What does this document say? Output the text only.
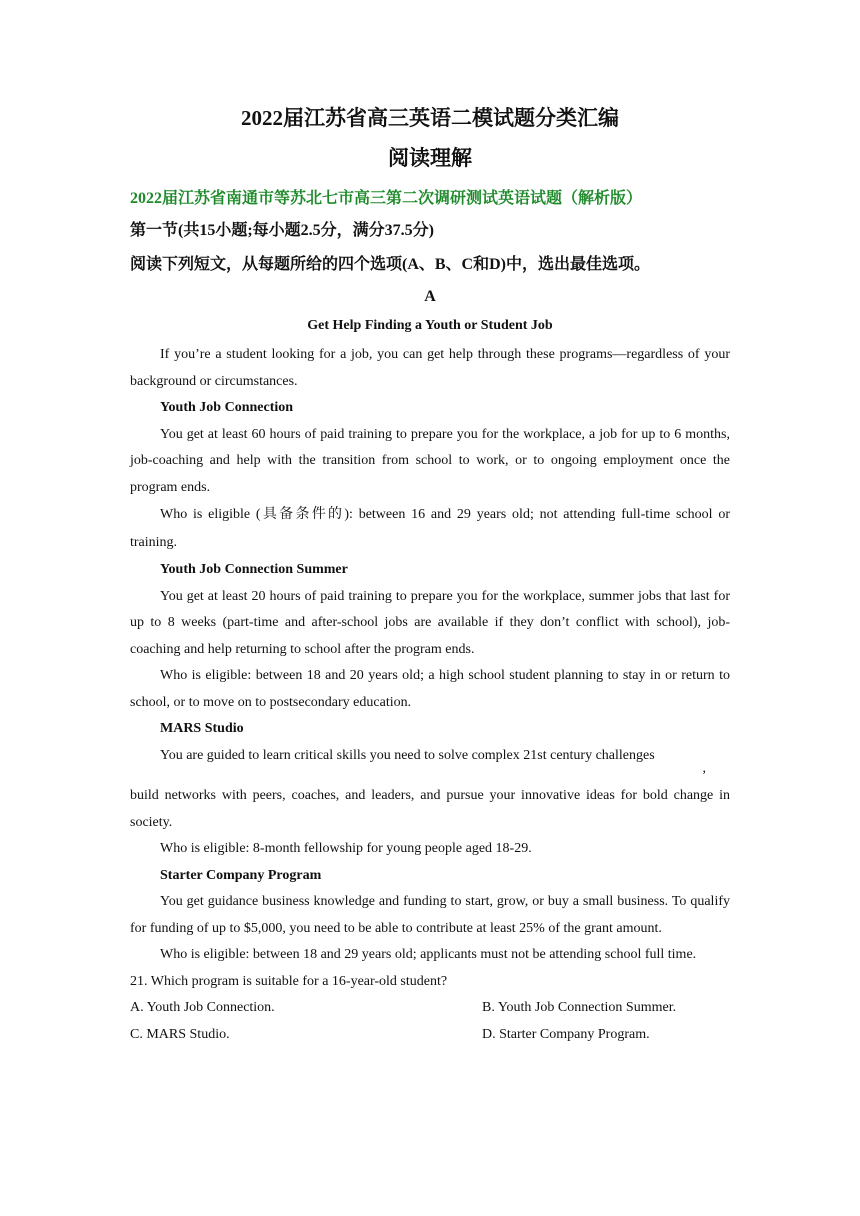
2022届江苏省高三英语二模试题分类汇编
阅读理解

2022届江苏省南通市等苏北七市高三第二次调研测试英语试题（解析版）

第一节(共15小题;每小题2.5分，满分37.5分)

阅读下列短文，从每题所给的四个选项(A、B、C和D)中，选出最佳选项。

A

Get Help Finding a Youth or Student Job

If you’re a student looking for a job, you can get help through these programs—regardless of your background or circumstances.

Youth Job Connection

You get at least 60 hours of paid training to prepare you for the workplace, a job for up to 6 months, job-coaching and help with the transition from school to work, or to ongoing employment once the program ends.

Who is eligible (具备条件的): between 16 and 29 years old; not attending full-time school or training.

Youth Job Connection Summer

You get at least 20 hours of paid training to prepare you for the workplace, summer jobs that last for up to 8 weeks (part-time and after-school jobs are available if they don’t conflict with school), job-coaching and help returning to school after the program ends.

Who is eligible: between 18 and 20 years old; a high school student planning to stay in or return to school, or to move on to postsecondary education.

MARS Studio

You are guided to learn critical skills you need to solve complex 21st century challenges

,

build networks with peers, coaches, and leaders, and pursue your innovative ideas for bold change in society.

Who is eligible: 8-month fellowship for young people aged 18-29.

Starter Company Program

You get guidance business knowledge and funding to start, grow, or buy a small business. To qualify for funding of up to $5,000, you need to be able to contribute at least 25% of the grant amount.

Who is eligible: between 18 and 29 years old; applicants must not be attending school full time.

21. Which program is suitable for a 16-year-old student?

A. Youth Job Connection.	B. Youth Job Connection Summer.
C. MARS Studio.	D. Starter Company Program.
